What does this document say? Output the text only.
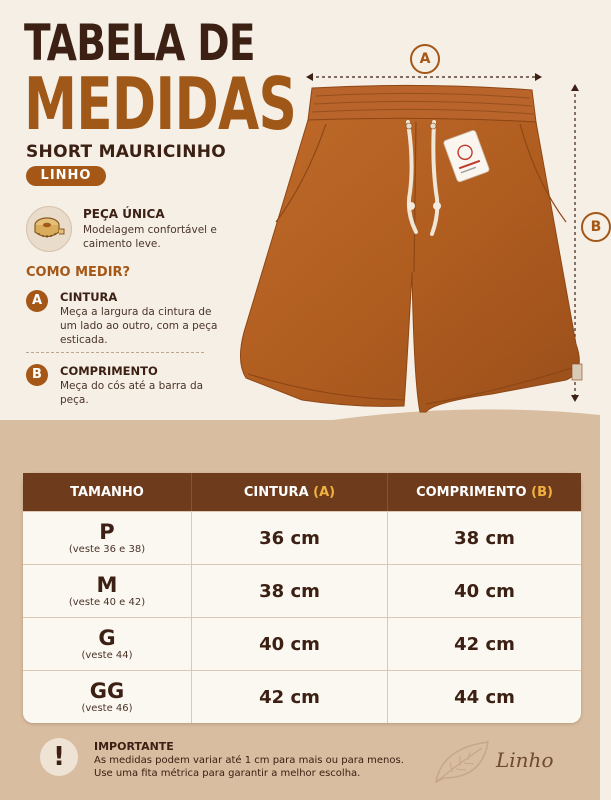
TABELA DE
MEDIDAS
SHORT MAURICINHO
LINHO
PEÇA ÚNICA
Modelagem confortável e caimento leve.
COMO MEDIR?
A	CINTURA
Meça a largura da cintura de um lado ao outro, com a peça esticada.
B	COMPRIMENTO
Meça do cós até a barra da peça.
A
B
TAMANHO	CINTURA (A)	COMPRIMENTO (B)

P
(veste 36 e 38)	36 cm	38 cm

M
(veste 40 e 42)	38 cm	40 cm

G
(veste 44)	40 cm	42 cm

GG
(veste 46)	42 cm	44 cm
!	IMPORTANTE
As medidas podem variar até 1 cm para mais ou para menos. Use uma fita métrica para garantir a melhor escolha.
Linho
